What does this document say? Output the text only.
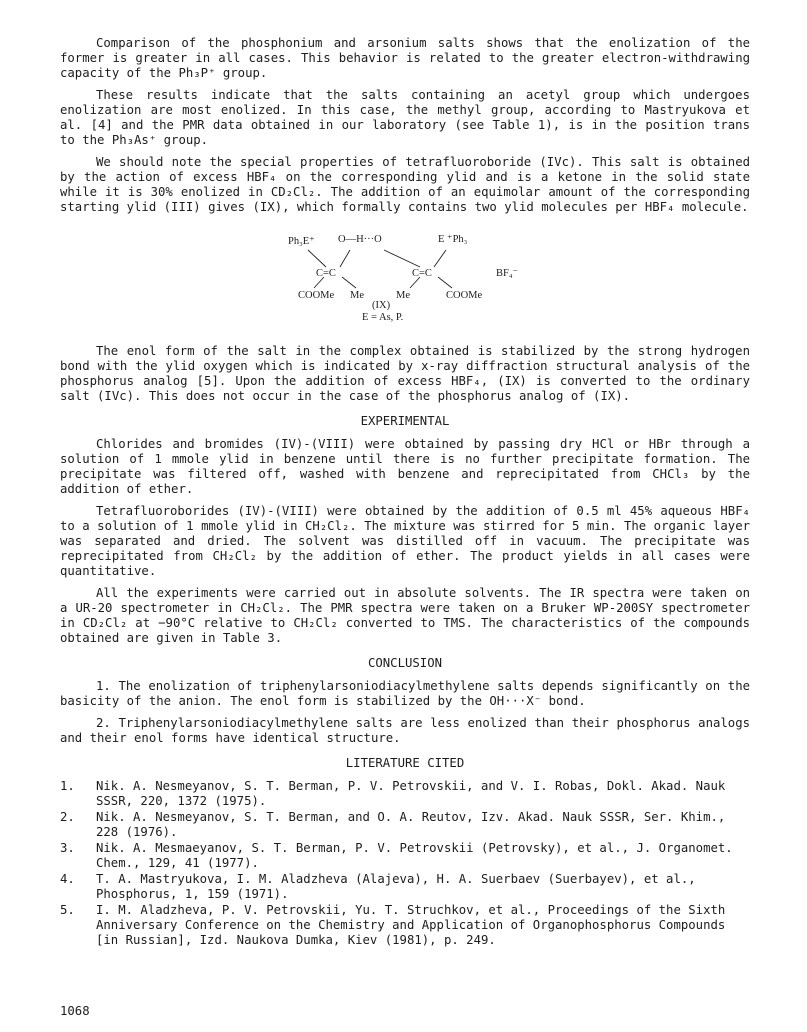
Comparison of the phosphonium and arsonium salts shows that the enolization of the former is greater in all cases. This behavior is related to the greater electron-withdrawing capacity of the Ph₃P⁺ group.

These results indicate that the salts containing an acetyl group which undergoes enolization are most enolized. In this case, the methyl group, according to Mastryukova et al. [4] and the PMR data obtained in our laboratory (see Table 1), is in the position trans to the Ph₃As⁺ group.

We should note the special properties of tetrafluoroboride (IVc). This salt is obtained by the action of excess HBF₄ on the corresponding ylid and is a ketone in the solid state while it is 30% enolized in CD₂Cl₂. The addition of an equimolar amount of the corresponding starting ylid (III) gives (IX), which formally contains two ylid molecules per HBF₄ molecule.

Ph₃E⁺ O—H···O	E ⁺Ph₃
C=C	C=C	BF₄⁻
COOMe Me	Me	COOMe
(IX)
E = As, P.

The enol form of the salt in the complex obtained is stabilized by the strong hydrogen bond with the ylid oxygen which is indicated by x-ray diffraction structural analysis of the phosphorus analog [5]. Upon the addition of excess HBF₄, (IX) is converted to the ordinary salt (IVc). This does not occur in the case of the phosphorus analog of (IX).

EXPERIMENTAL

Chlorides and bromides (IV)-(VIII) were obtained by passing dry HCl or HBr through a solution of 1 mmole ylid in benzene until there is no further precipitate formation. The precipitate was filtered off, washed with benzene and reprecipitated from CHCl₃ by the addition of ether.

Tetrafluoroborides (IV)-(VIII) were obtained by the addition of 0.5 ml 45% aqueous HBF₄ to a solution of 1 mmole ylid in CH₂Cl₂. The mixture was stirred for 5 min. The organic layer was separated and dried. The solvent was distilled off in vacuum. The precipitate was reprecipitated from CH₂Cl₂ by the addition of ether. The product yields in all cases were quantitative.

All the experiments were carried out in absolute solvents. The IR spectra were taken on a UR-20 spectrometer in CH₂Cl₂. The PMR spectra were taken on a Bruker WP-200SY spectrometer in CD₂Cl₂ at −90°C relative to CH₂Cl₂ converted to TMS. The characteristics of the compounds obtained are given in Table 3.

CONCLUSION

1. The enolization of triphenylarsoniodiacylmethylene salts depends significantly on the basicity of the anion. The enol form is stabilized by the OH···X⁻ bond.

2. Triphenylarsoniodiacylmethylene salts are less enolized than their phosphorus analogs and their enol forms have identical structure.

LITERATURE CITED
1. Nik. A. Nesmeyanov, S. T. Berman, P. V. Petrovskii, and V. I. Robas, Dokl. Akad. Nauk SSSR, 220, 1372 (1975).
2. Nik. A. Nesmeyanov, S. T. Berman, and O. A. Reutov, Izv. Akad. Nauk SSSR, Ser. Khim., 228 (1976).
3. Nik. A. Mesmaeyanov, S. T. Berman, P. V. Petrovskii (Petrovsky), et al., J. Organomet. Chem., 129, 41 (1977).
4. T. A. Mastryukova, I. M. Aladzheva (Alajeva), H. A. Suerbaev (Suerbayev), et al., Phosphorus, 1, 159 (1971).
5. I. M. Aladzheva, P. V. Petrovskii, Yu. T. Struchkov, et al., Proceedings of the Sixth Anniversary Conference on the Chemistry and Application of Organophosphorus Compounds [in Russian], Izd. Naukova Dumka, Kiev (1981), p. 249.
1068
